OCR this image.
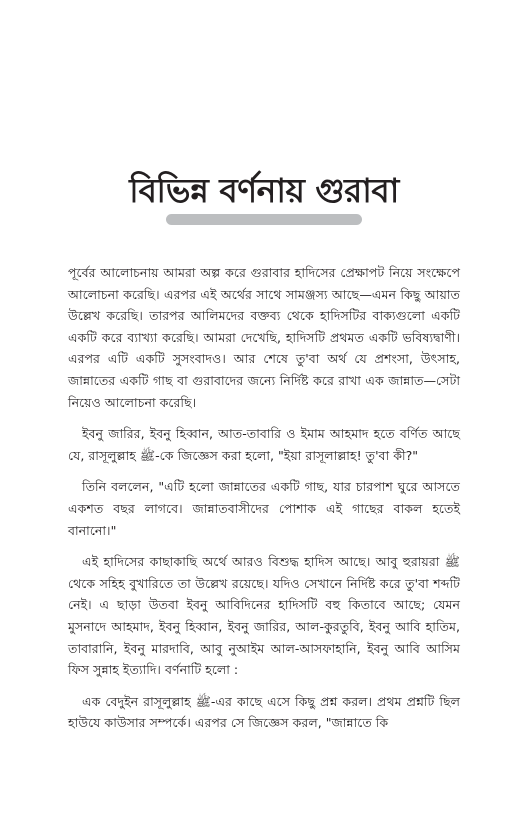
বিভিন্ন বর্ণনায় গুরাবা

পূর্বের আলোচনায় আমরা অল্প করে গুরাবার হাদিসের প্রেক্ষাপট নিয়ে সংক্ষেপে আলোচনা করেছি। এরপর এই অর্থের সাথে সামঞ্জস্য আছে—এমন কিছু আয়াত উল্লেখ করেছি। তারপর আলিমদের বক্তব্য থেকে হাদিসটির বাক্যগুলো একটি একটি করে ব্যাখ্যা করেছি। আমরা দেখেছি, হাদিসটি প্রথমত একটি ভবিষ্যদ্বাণী। এরপর এটি একটি সুসংবাদও। আর শেষে তু'বা অর্থ যে প্রশংসা, উৎসাহ, জান্নাতের একটি গাছ বা গুরাবাদের জন্যে নির্দিষ্ট করে রাখা এক জান্নাত—সেটা নিয়েও আলোচনা করেছি।

ইবনু জারির, ইবনু হিব্বান, আত-তাবারি ও ইমাম আহমাদ হতে বর্ণিত আছে যে, রাসূলুল্লাহ ﷺ-কে জিজ্ঞেস করা হলো, "ইয়া রাসূলাল্লাহ! তু'বা কী?"

তিনি বললেন, "এটি হলো জান্নাতের একটি গাছ, যার চারপাশ ঘুরে আসতে একশত বছর লাগবে। জান্নাতবাসীদের পোশাক এই গাছের বাকল হতেই বানানো।"

এই হাদিসের কাছাকাছি অর্থে আরও বিশুদ্ধ হাদিস আছে। আবু হুরায়রা ﷺ থেকে সহিহ বুখারিতে তা উল্লেখ রয়েছে। যদিও সেখানে নির্দিষ্ট করে তু'বা শব্দটি নেই। এ ছাড়া উতবা ইবনু আবিদিনের হাদিসটি বহু কিতাবে আছে; যেমন মুসনাদে আহমাদ, ইবনু হিব্বান, ইবনু জারির, আল-কুরতুবি, ইবনু আবি হাতিম, তাবারানি, ইবনু মারদাবি, আবু নুআইম আল-আসফাহানি, ইবনু আবি আসিম ফিস সুন্নাহ ইত্যাদি। বর্ণনাটি হলো :

এক বেদুইন রাসূলুল্লাহ ﷺ-এর কাছে এসে কিছু প্রশ্ন করল। প্রথম প্রশ্নটি ছিল হাউযে কাউসার সম্পর্কে। এরপর সে জিজ্ঞেস করল, "জান্নাতে কি
